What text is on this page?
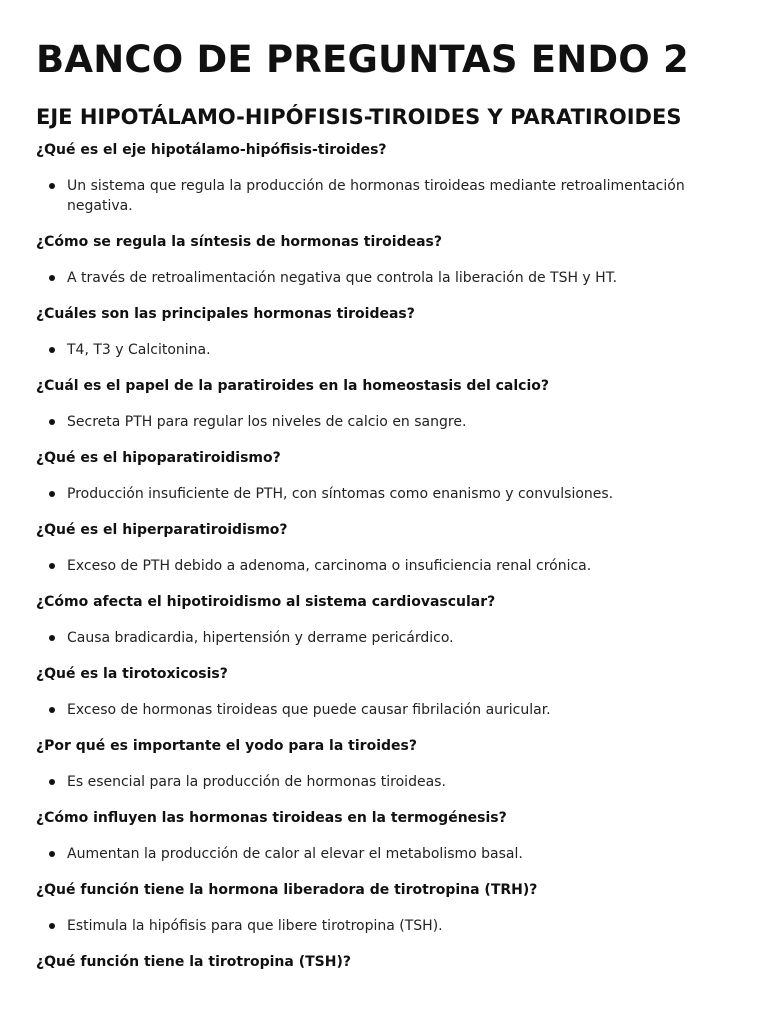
BANCO DE PREGUNTAS ENDO 2
EJE HIPOTÁLAMO-HIPÓFISIS-TIROIDES Y PARATIROIDES
¿Qué es el eje hipotálamo-hipófisis-tiroides?
Un sistema que regula la producción de hormonas tiroideas mediante retroalimentación negativa.
¿Cómo se regula la síntesis de hormonas tiroideas?
A través de retroalimentación negativa que controla la liberación de TSH y HT.
¿Cuáles son las principales hormonas tiroideas?
T4, T3 y Calcitonina.
¿Cuál es el papel de la paratiroides en la homeostasis del calcio?
Secreta PTH para regular los niveles de calcio en sangre.
¿Qué es el hipoparatiroidismo?
Producción insuficiente de PTH, con síntomas como enanismo y convulsiones.
¿Qué es el hiperparatiroidismo?
Exceso de PTH debido a adenoma, carcinoma o insuficiencia renal crónica.
¿Cómo afecta el hipotiroidismo al sistema cardiovascular?
Causa bradicardia, hipertensión y derrame pericárdico.
¿Qué es la tirotoxicosis?
Exceso de hormonas tiroideas que puede causar fibrilación auricular.
¿Por qué es importante el yodo para la tiroides?
Es esencial para la producción de hormonas tiroideas.
¿Cómo influyen las hormonas tiroideas en la termogénesis?
Aumentan la producción de calor al elevar el metabolismo basal.
¿Qué función tiene la hormona liberadora de tirotropina (TRH)?
Estimula la hipófisis para que libere tirotropina (TSH).
¿Qué función tiene la tirotropina (TSH)?
